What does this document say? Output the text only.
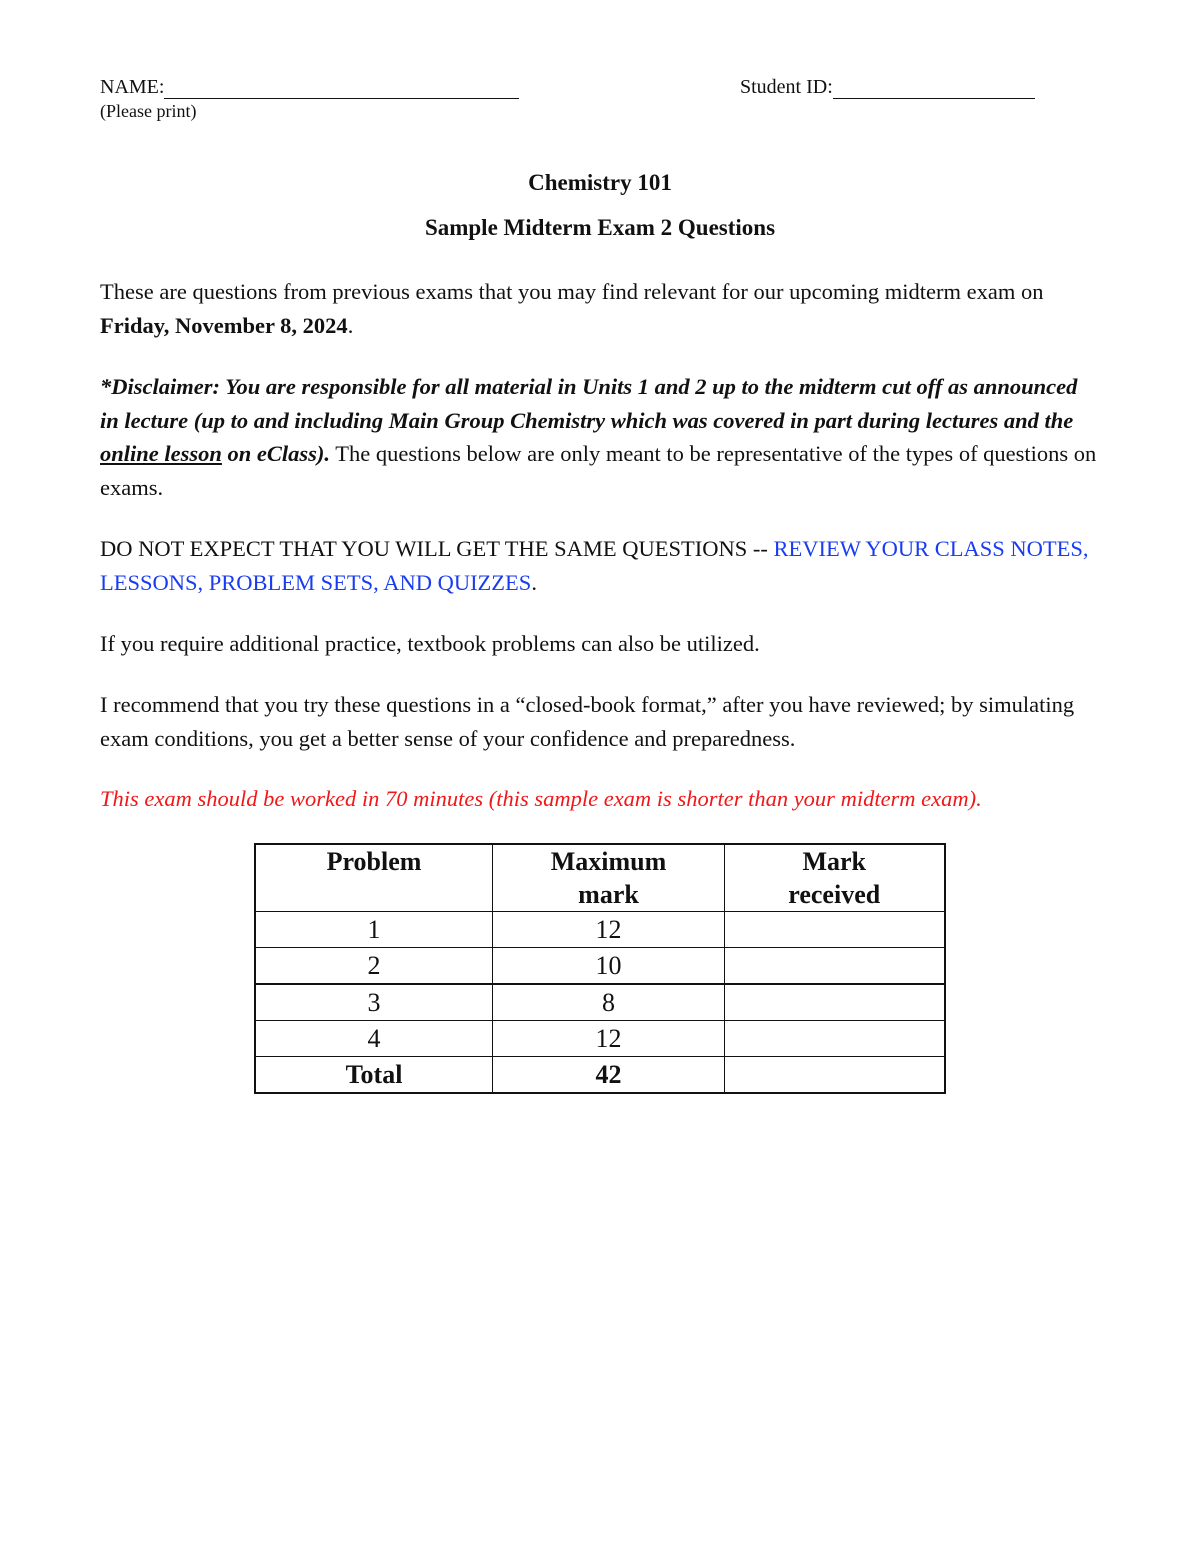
NAME:
(Please print)
Student ID:
Chemistry 101
Sample Midterm Exam 2 Questions
These are questions from previous exams that you may find relevant for our upcoming midterm exam on Friday, November 8, 2024.
*Disclaimer: You are responsible for all material in Units 1 and 2 up to the midterm cut off as announced in lecture (up to and including Main Group Chemistry which was covered in part during lectures and the online lesson on eClass). The questions below are only meant to be representative of the types of questions on exams.
DO NOT EXPECT THAT YOU WILL GET THE SAME QUESTIONS -- REVIEW YOUR CLASS NOTES, LESSONS, PROBLEM SETS, AND QUIZZES.
If you require additional practice, textbook problems can also be utilized.
I recommend that you try these questions in a “closed-book format,” after you have reviewed; by simulating exam conditions, you get a better sense of your confidence and preparedness.
This exam should be worked in 70 minutes (this sample exam is shorter than your midterm exam).
Problem	Maximum mark	Mark received
1	12	
2	10	
3	8	
4	12	
Total	42	
